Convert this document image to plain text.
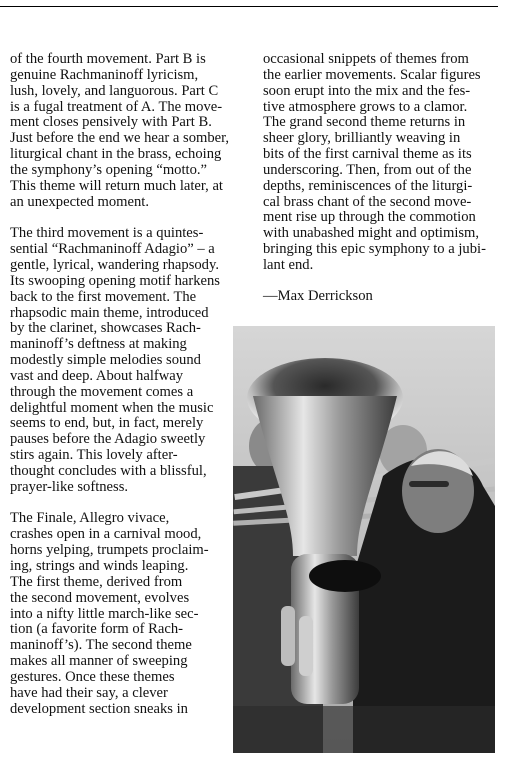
of the fourth movement. Part B is

genuine Rachmaninoff lyricism,

lush, lovely, and languorous. Part C

is a fugal treatment of A. The move-

ment closes pensively with Part B.

Just before the end we hear a somber,

liturgical chant in the brass, echoing

the symphony’s opening “motto.”

This theme will return much later, at

an unexpected moment.

The third movement is a quintes-

sential “Rachmaninoff Adagio” – a

gentle, lyrical, wandering rhapsody.

Its swooping opening motif harkens

back to the first movement. The

rhapsodic main theme, introduced

by the clarinet, showcases Rach-

maninoff’s deftness at making

modestly simple melodies sound

vast and deep. About halfway

through the movement comes a

delightful moment when the music

seems to end, but, in fact, merely

pauses before the Adagio sweetly

stirs again. This lovely after-

thought concludes with a blissful,

prayer-like softness.

The Finale, Allegro vivace,

crashes open in a carnival mood,

horns yelping, trumpets proclaim-

ing, strings and winds leaping.

The first theme, derived from

the second movement, evolves

into a nifty little march-like sec-

tion (a favorite form of Rach-

maninoff’s). The second theme

makes all manner of sweeping

gestures. Once these themes

have had their say, a clever

development section sneaks in

occasional snippets of themes from

the earlier movements. Scalar figures

soon erupt into the mix and the fes-

tive atmosphere grows to a clamor.

The grand second theme returns in

sheer glory, brilliantly weaving in

bits of the first carnival theme as its

underscoring. Then, from out of the

depths, reminiscences of the liturgi-

cal brass chant of the second move-

ment rise up through the commotion

with unabashed might and optimism,

bringing this epic symphony to a jubi-

lant end.

—Max Derrickson
